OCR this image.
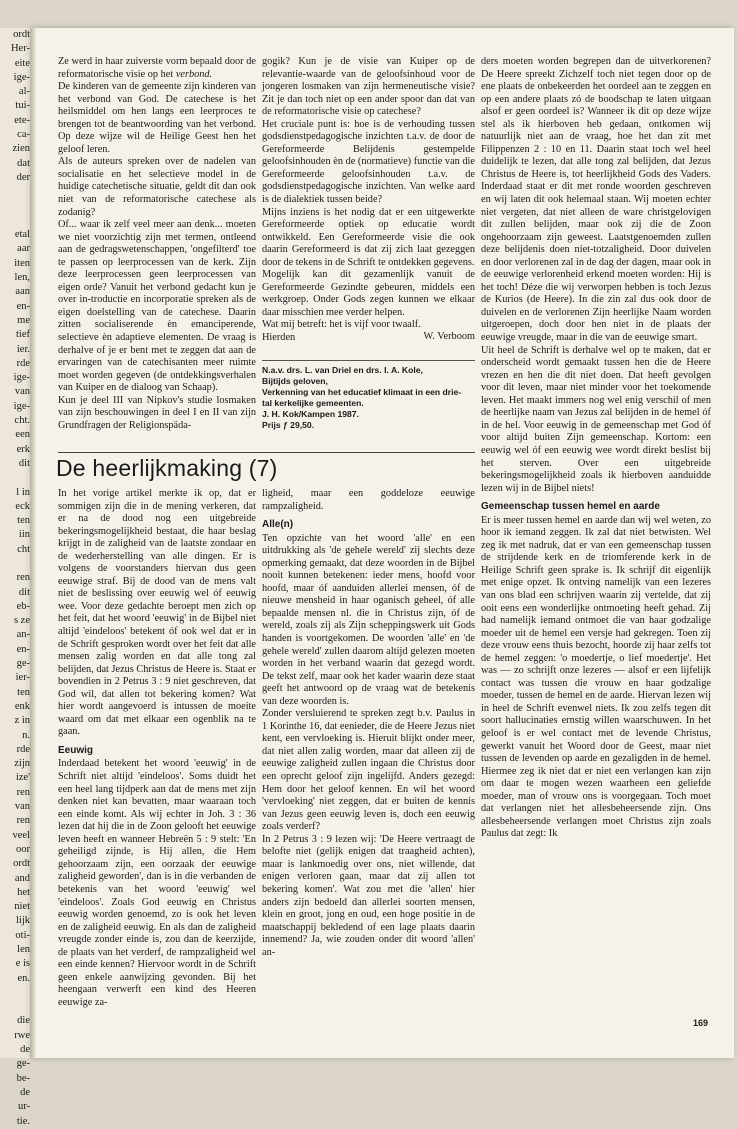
ordt
Her-
eite
ige-
al-
tui-
ete-
ca-
zien
dat
der
etal
aar
iten
len,
aan
en-
me
tief
ier.
rde
ige-
van
ige-
cht.
een
erk
dit
l in
eck
ten
iin
cht
ren
dit
eb-
s ze
an-
en-
ge-
ier-
ten
enk
z in
n.
rde
zijn
ize'
ren
van
ren
veel
oor
ordt
and
het
niet
lijk
oti-
len
e is
en.
die
rwe
de
ge-
be-
de
ur-
tie.

Ze werd in haar zuiverste vorm bepaald door de reformatorische visie op het verbond.

De kinderen van de gemeente zijn kinderen van het verbond van God. De catechese is het heilsmiddel om hen langs een leerproces te brengen tot de beantwoording van het verbond. Op deze wijze wil de Heilige Geest hen het geloof leren.

Als de auteurs spreken over de nadelen van socialisatie en het selectieve model in de huidige catechetische situatie, geldt dit dan ook niet van de reformatorische catechese als zodanig?

Of... waar ik zelf veel meer aan denk... moeten we niet voorzichtig zijn met termen, ontleend aan de gedragswetenschappen, 'ongefilterd' toe te passen op leerprocessen van de kerk. Zijn deze leerprocessen geen leerprocessen van eigen orde? Vanuit het verbond gedacht kun je over in-troductie en incorporatie spreken als de eigen doelstelling van de catechese. Daarin zitten socialiserende èn emanciperende, selectieve èn adaptieve elementen. De vraag is derhalve of je er bent met te zeggen dat aan de ervaringen van de catechisanten meer ruimte moet worden gegeven (de ontdekkingsverhalen van Kuiper en de dialoog van Schaap).

Kun je deel III van Nipkov's studie losmaken van zijn beschouwingen in deel I en II van zijn Grundfragen der Religionspäda-

gogik? Kun je de visie van Kuiper op de relevantie-waarde van de geloofsinhoud voor de jongeren losmaken van zijn hermeneutische visie? Zit je dan toch niet op een ander spoor dan dat van de reformatorische visie op catechese?

Het cruciale punt is: hoe is de verhouding tussen godsdienstpedagogische inzichten t.a.v. de door de Gereformeerde Belijdenis gestempelde geloofsinhouden èn de (normatieve) functie van die Gereformeerde geloofsinhouden t.a.v. de godsdienstpedagogische inzichten. Van welke aard is de dialektiek tussen beide?

Mijns inziens is het nodig dat er een uitgewerkte Gereformeerde optiek op educatie wordt ontwikkeld. Een Gereformeerde visie die ook daarin Gereformeerd is dat zij zich laat gezeggen door de tekens in de Schrift te ontdekken gegevens.

Mogelijk kan dit gezamenlijk vanuit de Gereformeerde Gezindte gebeuren, middels een werkgroep. Onder Gods zegen kunnen we elkaar daar misschien mee verder helpen.

Wat mij betreft: het is vijf voor twaalf.

Hierden	W. Verboom
N.a.v. drs. L. van Driel en drs. I. A. Kole,
Bijtijds geloven,
Verkenning van het educatief klimaat in een drie-
tal kerkelijke gemeenten.
J. H. Kok/Kampen 1987.
Prijs ƒ 29,50.
De heerlijkmaking (7)

In het vorige artikel merkte ik op, dat er sommigen zijn die in de mening verkeren, dat er na de dood nog een uitgebreide bekeringsmogelijkheid bestaat, die haar beslag krijgt in de zaligheid van de laatste zondaar en de wederherstelling van alle dingen. Er is volgens de voorstanders hiervan dus geen eeuwige straf. Bij de dood van de mens valt niet de beslissing over eeuwig wel óf eeuwig wee. Voor deze gedachte beroept men zich op het feit, dat het woord 'eeuwig' in de Bijbel niet altijd 'eindeloos' betekent óf ook wel dat er in de Schrift gesproken wordt over het feit dat alle mensen zalig worden en dat alle tong zal belijden, dat Jezus Christus de Heere is. Staat er bovendien in 2 Petrus 3 : 9 niet geschreven, dat God wil, dat allen tot bekering komen? Wat hier wordt aangevoerd is intussen de moeite waard om dat met elkaar een ogenblik na te gaan.

Eeuwig

Inderdaad betekent het woord 'eeuwig' in de Schrift niet altijd 'eindeloos'. Soms duidt het een heel lang tijdperk aan dat de mens met zijn denken niet kan bevatten, maar waaraan toch een einde komt. Als wij echter in Joh. 3 : 36 lezen dat hij die in de Zoon gelooft het eeuwige leven heeft en wanneer Hebreën 5 : 9 stelt: 'En geheiligd zijnde, is Hij allen, die Hem gehoorzaam zijn, een oorzaak der eeuwige zaligheid geworden', dan is in die verbanden de betekenis van het woord 'eeuwig' wel 'eindeloos'. Zoals God eeuwig en Christus eeuwig worden genoemd, zo is ook het leven en de zaligheid eeuwig. En als dan de zaligheid vreugde zonder einde is, zou dan de keerzijde, de plaats van het verderf, de rampzaligheid wel een einde kennen? Hiervoor wordt in de Schrift geen enkele aanwijzing gevonden. Bij het heengaan verwerft een kind des Heeren eeuwige za-

ligheid, maar een goddeloze eeuwige rampzaligheid.

Alle(n)

Ten opzichte van het woord 'alle' en een uitdrukking als 'de gehele wereld' zij slechts deze opmerking gemaakt, dat deze woorden in de Bijbel nooit kunnen betekenen: ieder mens, hoofd voor hoofd, maar óf aanduiden allerlei mensen, óf de nieuwe mensheid in haar oganisch geheel, óf alle bepaalde mensen nl. die in Christus zijn, óf de wereld, zoals zij als Zijn scheppingswerk uit Gods handen is voortgekomen. De woorden 'alle' en 'de gehele wereld' zullen daarom altijd gelezen moeten worden in het verband waarin dat gezegd wordt. De tekst zelf, maar ook het kader waarin deze staat geeft het antwoord op de vraag wat de betekenis van deze woorden is.

Zonder versluierend te spreken zegt b.v. Paulus in 1 Korinthe 16, dat eenieder, die de Heere Jezus niet kent, een vervloeking is. Hieruit blijkt onder meer, dat niet allen zalig worden, maar dat alleen zij de eeuwige zaligheid zullen ingaan die Christus door een oprecht geloof zijn ingelijfd. Anders gezegd: Hem door het geloof kennen. En wil het woord 'vervloeking' niet zeggen, dat er buiten de kennis van Jezus geen eeuwig leven is, doch een eeuwig zoals verderf?

In 2 Petrus 3 : 9 lezen wij: 'De Heere vertraagt de belofte niet (gelijk enigen dat traagheid achten), maar is lankmoedig over ons, niet willende, dat enigen verloren gaan, maar dat zij allen tot bekering komen'. Wat zou met die 'allen' hier anders zijn bedoeld dan allerlei soorten mensen, klein en groot, jong en oud, een hoge positie in de maatschappij bekledend of een lage plaats daarin innemend? Ja, wie zouden onder dit woord 'allen' an-

ders moeten worden begrepen dan de uitverkorenen? De Heere spreekt Zichzelf toch niet tegen door op de ene plaats de onbekeerden het oordeel aan te zeggen en op een andere plaats zó de boodschap te laten uitgaan alsof er geen oordeel is? Wanneer ik dit op deze wijze stel als ik hierboven heb gedaan, ontkomen wij natuurlijk niet aan de vraag, hoe het dan zit met Filippenzen 2 : 10 en 11. Daarin staat toch wel heel duidelijk te lezen, dat alle tong zal belijden, dat Jezus Christus de Heere is, tot heerlijkheid Gods des Vaders. Inderdaad staat er dit met ronde woorden geschreven en wij laten dit ook helemaal staan. Wij moeten echter niet vergeten, dat niet alleen de ware christgelovigen dit zullen belijden, maar ook zij die de Zoon ongehoorzaam zijn geweest. Laatstgenoemden zullen deze belijdenis doen niet-totzaligheid. Door duivelen en door verlorenen zal in de dag der dagen, maar ook in de eeuwige verlorenheid erkend moeten worden: Hij is het toch! Déze die wij verworpen hebben is toch Jezus de Kurios (de Heere). In die zin zal dus ook door de duivelen en de verlorenen Zijn heerlijke Naam worden uitgeroepen, doch door hen niet in de plaats der eeuwige vreugde, maar in die van de eeuwige smart.

Uit heel de Schrift is derhalve wel op te maken, dat er onderscheid wordt gemaakt tussen hen die de Heere vrezen en hen die dit niet doen. Dat heeft gevolgen voor dit leven, maar niet minder voor het toekomende leven. Het maakt immers nog wel enig verschil of men de heerlijke naam van Jezus zal belijden in de hemel óf in de hel. Voor eeuwig in de gemeenschap met God óf voor altijd buiten Zijn gemeenschap. Kortom: een eeuwig wel óf een eeuwig wee wordt direkt beslist bij het sterven. Over een uitgebreide bekeringsmogelijkheid zoals ik hierboven aanduidde lezen wij in de Bijbel niets!

Gemeenschap tussen hemel en aarde

Er is meer tussen hemel en aarde dan wij wel weten, zo hoor ik iemand zeggen. Ik zal dat niet betwisten. Wel zeg ik met nadruk, dat er van een gemeenschap tussen de strijdende kerk en de triomferende kerk in de Heilige Schrift geen sprake is. Ik schrijf dit eigenlijk met enige opzet. Ik ontving namelijk van een lezeres van ons blad een schrijven waarin zij vertelde, dat zij ooit eens een wonderlijke ontmoeting heeft gehad. Zij had namelijk iemand ontmoet die van haar godzalige moeder uit de hemel een versje had gekregen. Toen zij deze vrouw eens thuis bezocht, hoorde zij haar zelfs tot de hemel zeggen: 'o moedertje, o lief moedertje'. Het was — zo schrijft onze lezeres — alsof er een lijfelijk contact was tussen die vrouw en haar godzalige moeder, tussen de hemel en de aarde. Hiervan lezen wij in heel de Schrift evenwel niets. Ik zou zelfs tegen dit soort hallucinaties ernstig willen waarschuwen. In het geloof is er wel contact met de levende Christus, gewerkt vanuit het Woord door de Geest, maar niet tussen de levenden op aarde en gezaligden in de hemel. Hiermee zeg ik niet dat er niet een verlangen kan zijn om daar te mogen wezen waarheen een geliefde moeder, man of vrouw ons is voorgegaan. Toch moet dat verlangen niet het allesbeheersende zijn. Ons allesbeheersende verlangen moet Christus zijn zoals Paulus dat zegt: Ik

169
